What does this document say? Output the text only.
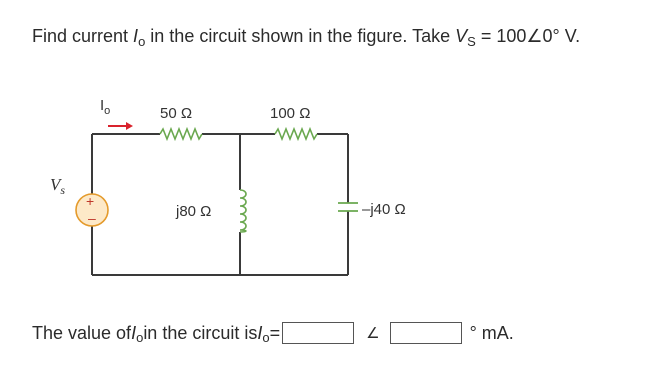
Find current $I_o$ in the circuit shown in the figure. Take $V_S$ = 100∠0° V.
$I_o$	50 Ω	100 Ω
j80 Ω	–j40 Ω
+
–
$V_s$
The value of I o in the circuit is I o =	∠	° mA.
